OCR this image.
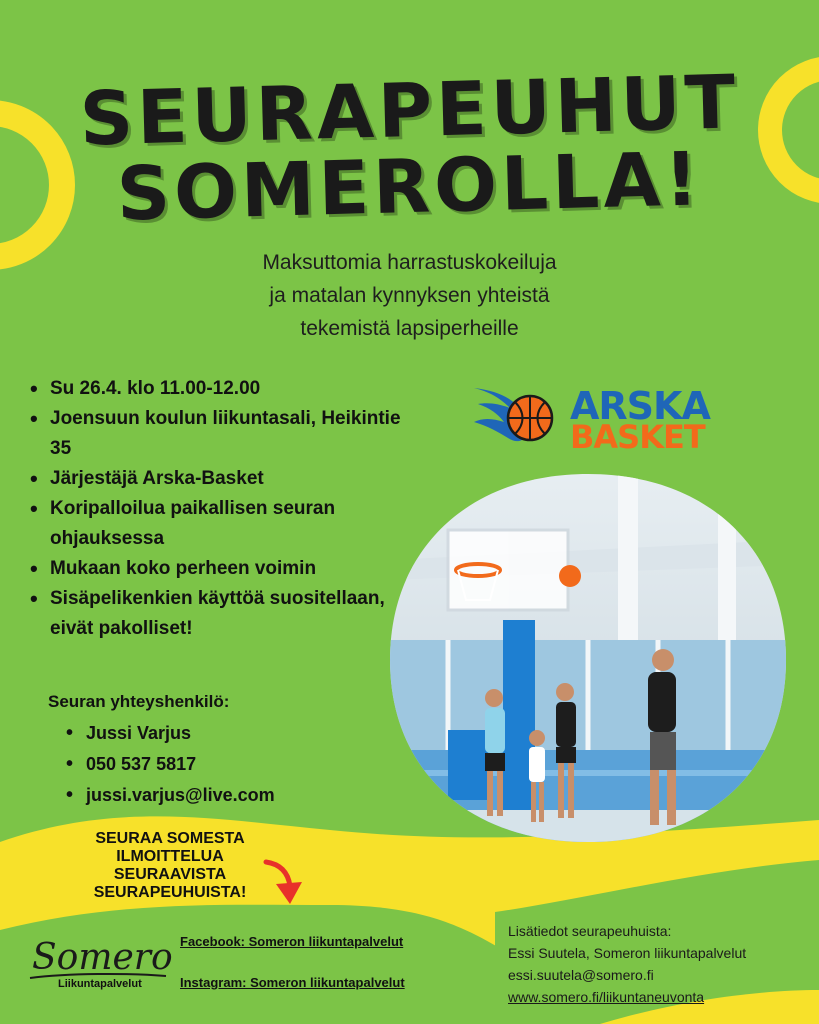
SEURAPEUHUT
SOMEROLLA!
Maksuttomia harrastuskokeiluja
ja matalan kynnyksen yhteistä
tekemistä lapsiperheille
• Su 26.4. klo 11.00-12.00
• Joensuun koulun liikuntasali, Heikintie 35
• Järjestäjä Arska-Basket
• Koripalloilua paikallisen seuran ohjauksessa
• Mukaan koko perheen voimin
• Sisäpelikenkien käyttöä suositellaan, eivät pakolliset!
Seuran yhteyshenkilö:
• Jussi Varjus
• 050 537 5817
• jussi.varjus@live.com
ARSKA
BASKET
SEURAA SOMESTA
ILMOITTELUA
SEURAAVISTA
SEURAPEUHUISTA!
Somero
Liikuntapalvelut
Facebook: Someron liikuntapalvelut
Instagram: Someron liikuntapalvelut
Lisätiedot seurapeuhuista:
Essi Suutela, Someron liikuntapalvelut
essi.suutela@somero.fi
www.somero.fi/liikuntaneuvonta
